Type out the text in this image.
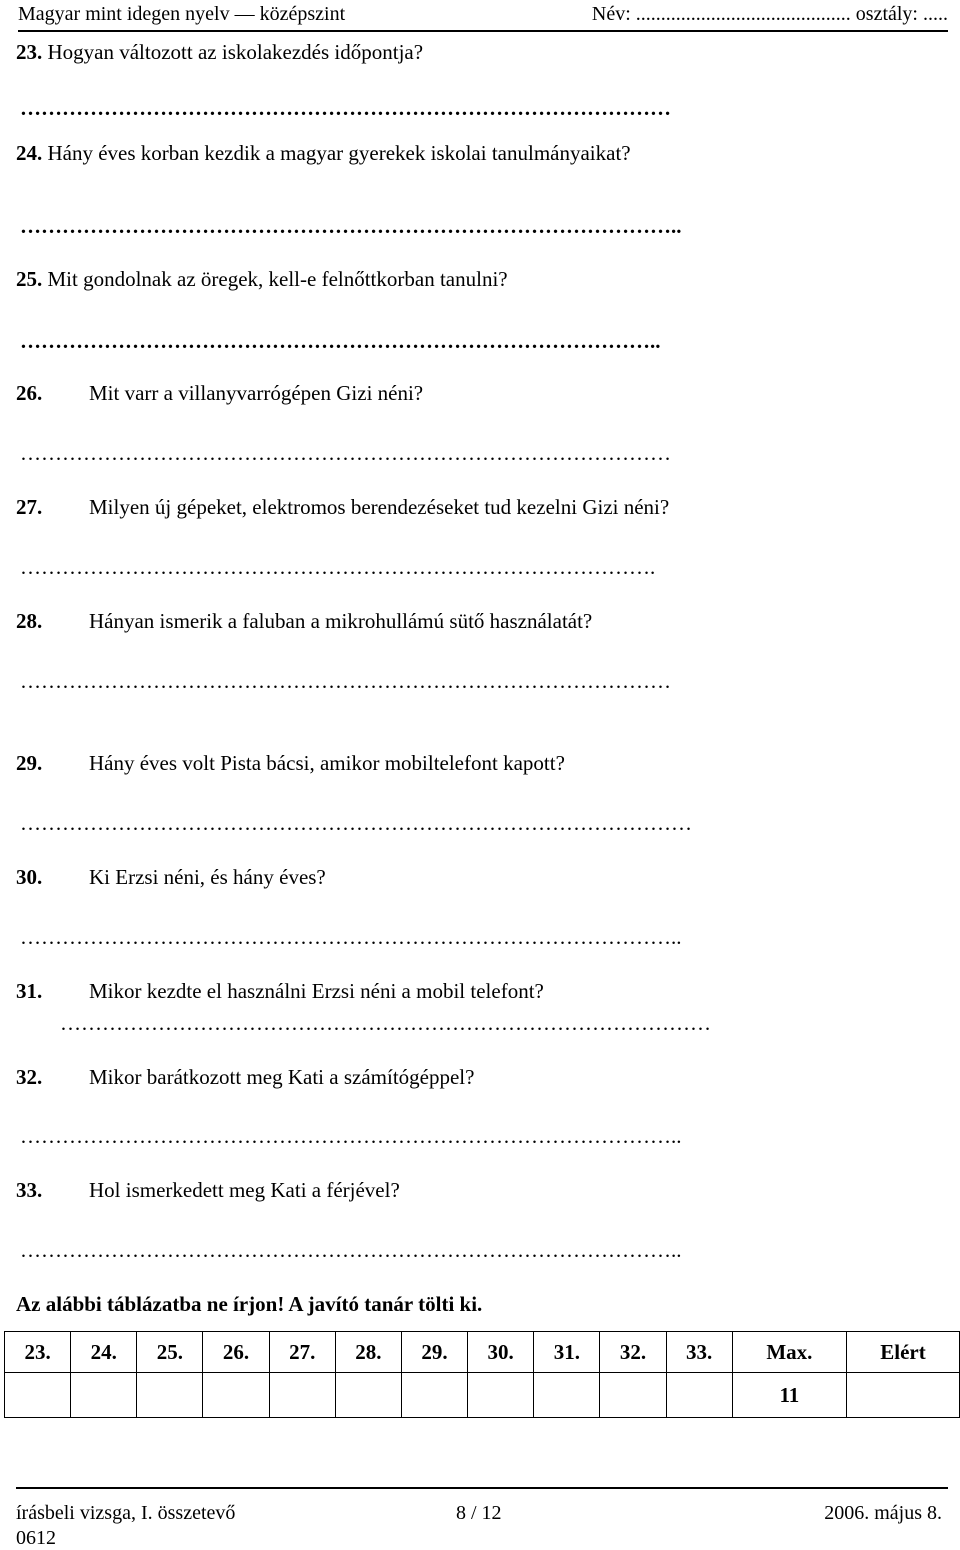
Magyar mint idegen nyelv — középszint	Név: ........................................... osztály: .....
23. Hogyan változott az iskolakezdés időpontja?
…………………………………………………………………………………
24. Hány éves korban kezdik a magyar gyerekek iskolai tanulmányaikat?
…………………………………………………………………………………..
25. Mit gondolnak az öregek, kell-e felnőttkorban tanulni?
………………………………………………………………………………..
26. Mit varr a villanyvarrógépen Gizi néni?
…………………………………………………………………………………
27. Milyen új gépeket, elektromos berendezéseket tud kezelni Gizi néni?
……………………………………………………………………………….
28. Hányan ismerik a faluban a mikrohullámú sütő használatát?
…………………………………………………………………………………
29. Hány éves volt Pista bácsi, amikor mobiltelefont kapott?
……………………………………………………………………………………
30. Ki Erzsi néni, és hány éves?
…………………………………………………………………………………..
31. Mikor kezdte el használni Erzsi néni a mobil telefont?
…………………………………………………………………………………
32. Mikor barátkozott meg Kati a számítógéppel?
…………………………………………………………………………………..
33. Hol ismerkedett meg Kati a férjével?
…………………………………………………………………………………..
Az alábbi táblázatba ne írjon! A javító tanár tölti ki.
23.	24.	25.	26.	27.	28.	29.	30.	31.	32.	33.	Max.	Elért
											11	
írásbeli vizsga, I. összetevő
0612
8 / 12	2006. május 8.
